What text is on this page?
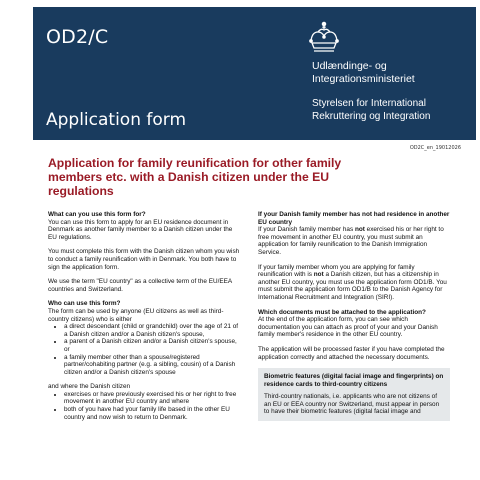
OD2/C
Application form
Udlændinge- og
Integrationsministeriet
Styrelsen for International
Rekruttering og Integration
OD2C_en_19012026
Application for family reunification for other family members etc. with a Danish citizen under the EU regulations
What can you use this form for?

You can use this form to apply for an EU residence document in Denmark as another family member to a Danish citizen under the EU regulations.

You must complete this form with the Danish citizen whom you wish to conduct a family reunification with in Denmark. You both have to sign the application form.

We use the term "EU country" as a collective term of the EU/EEA countries and Switzerland.

Who can use this form?
The form can be used by anyone (EU citizens as well as third-country citizens) who is either
• a direct descendant (child or grandchild) over the age of 21 of a Danish citizen and/or a Danish citizen's spouse,
• a parent of a Danish citizen and/or a Danish citizen's spouse, or
• a family member other than a spouse/registered partner/cohabiting partner (e.g. a sibling, cousin) of a Danish citizen and/or a Danish citizen's spouse
and where the Danish citizen
• exercises or have previously exercised his or her right to free movement in another EU country and where
• both of you have had your family life based in the other EU country and now wish to return to Denmark.
If your Danish family member has not had residence in another EU country

If your Danish family member has not exercised his or her right to free movement in another EU country, you must submit an application for family reunification to the Danish Immigration Service.

If your family member whom you are applying for family reunification with is not a Danish citizen, but has a citizenship in another EU country, you must use the application form OD1/B. You must submit the application form OD1/B to the Danish Agency for International Recruitment and Integration (SIRI).

Which documents must be attached to the application?

At the end of the application form, you can see which documentation you can attach as proof of your and your Danish family member's residence in the other EU country.

The application will be processed faster if you have completed the application correctly and attached the necessary documents.

Biometric features (digital facial image and fingerprints) on residence cards to third-country citizens
Third-country nationals, i.e. applicants who are not citizens of an EU or EEA country nor Switzerland, must appear in person to have their biometric features (digital facial image and
